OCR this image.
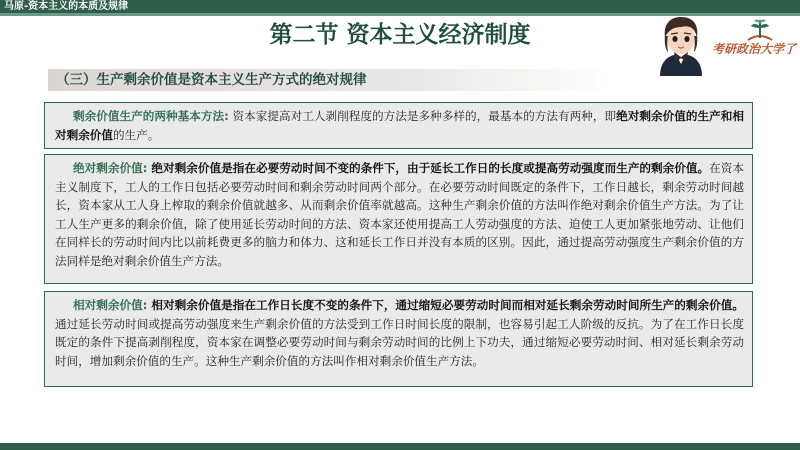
马原-资本主义的本质及规律
第二节 资本主义经济制度
考研政治大学了
（三）生产剩余价值是资本主义生产方式的绝对规律
剩余价值生产的两种基本方法: 资本家提高对工人剥削程度的方法是多种多样的，最基本的方法有两种，即绝对剩余价值的生产和相对剩余价值的生产。
绝对剩余价值: 绝对剩余价值是指在必要劳动时间不变的条件下，由于延长工作日的长度或提高劳动强度而生产的剩余价值。在资本主义制度下，工人的工作日包括必要劳动时间和剩余劳动时间两个部分。在必要劳动时间既定的条件下，工作日越长，剩余劳动时间越长，资本家从工人身上榨取的剩余价值就越多、从而剩余价值率就越高。这种生产剩余价值的方法叫作绝对剩余价值生产方法。为了让工人生产更多的剩余价值，除了使用延长劳动时间的方法、资本家还使用提高工人劳动强度的方法、迫使工人更加紧张地劳动、让他们在同样长的劳动时间内比以前耗费更多的脑力和体力、这和延长工作日并没有本质的区别。因此，通过提高劳动强度生产剩余价值的方法同样是绝对剩余价值生产方法。
相对剩余价值: 相对剩余价值是指在工作日长度不变的条件下，通过缩短必要劳动时间而相对延长剩余劳动时间所生产的剩余价值。通过延长劳动时间或提高劳动强度来生产剩余价值的方法受到工作日时间长度的限制，也容易引起工人阶级的反抗。为了在工作日长度既定的条件下提高剥削程度，资本家在调整必要劳动时间与剩余劳动时间的比例上下功夫，通过缩短必要劳动时间、相对延长剩余劳动时间，增加剩余价值的生产。这种生产剩余价值的方法叫作相对剩余价值生产方法。
